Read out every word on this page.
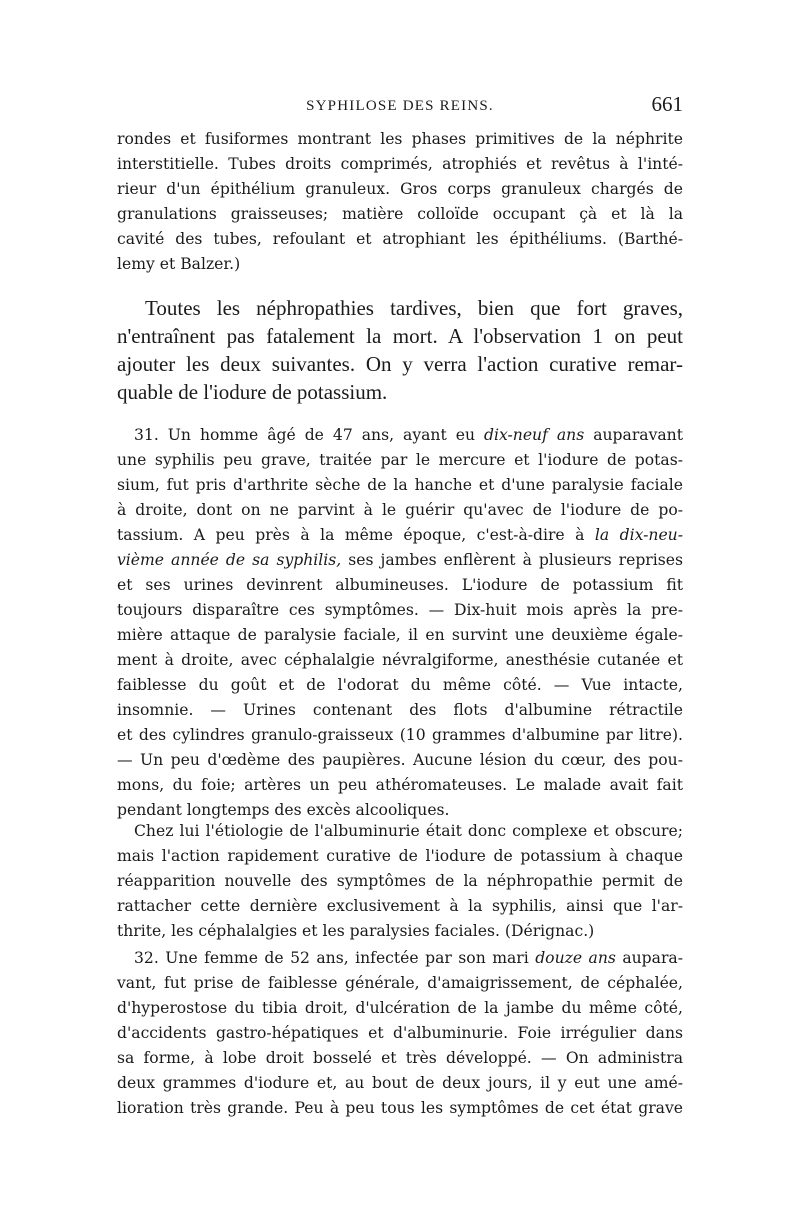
SYPHILOSE DES REINS.	661
rondes et fusiformes montrant les phases primitives de la néphrite
interstitielle. Tubes droits comprimés, atrophiés et revêtus à l'inté-
rieur d'un épithélium granuleux. Gros corps granuleux chargés de
granulations graisseuses; matière colloïde occupant çà et là la
cavité des tubes, refoulant et atrophiant les épithéliums. (Barthé-
lemy et Balzer.)
Toutes les néphropathies tardives, bien que fort graves,
n'entraînent pas fatalement la mort. A l'observation 1 on peut
ajouter les deux suivantes. On y verra l'action curative remar-
quable de l'iodure de potassium.
31. Un homme âgé de 47 ans, ayant eu dix-neuf ans auparavant
une syphilis peu grave, traitée par le mercure et l'iodure de potas-
sium, fut pris d'arthrite sèche de la hanche et d'une paralysie faciale
à droite, dont on ne parvint à le guérir qu'avec de l'iodure de po-
tassium. A peu près à la même époque, c'est-à-dire à la dix-neu-
vième année de sa syphilis, ses jambes enflèrent à plusieurs reprises
et ses urines devinrent albumineuses. L'iodure de potassium fit
toujours disparaître ces symptômes. — Dix-huit mois après la pre-
mière attaque de paralysie faciale, il en survint une deuxième égale-
ment à droite, avec céphalalgie névralgiforme, anesthésie cutanée et
faiblesse du goût et de l'odorat du même côté. — Vue intacte,
insomnie. — Urines contenant des flots d'albumine rétractile
et des cylindres granulo-graisseux (10 grammes d'albumine par litre).
— Un peu d'œdème des paupières. Aucune lésion du cœur, des pou-
mons, du foie; artères un peu athéromateuses. Le malade avait fait
pendant longtemps des excès alcooliques.
Chez lui l'étiologie de l'albuminurie était donc complexe et obscure;
mais l'action rapidement curative de l'iodure de potassium à chaque
réapparition nouvelle des symptômes de la néphropathie permit de
rattacher cette dernière exclusivement à la syphilis, ainsi que l'ar-
thrite, les céphalalgies et les paralysies faciales. (Dérignac.)
32. Une femme de 52 ans, infectée par son mari douze ans aupara-
vant, fut prise de faiblesse générale, d'amaigrissement, de céphalée,
d'hyperostose du tibia droit, d'ulcération de la jambe du même côté,
d'accidents gastro-hépatiques et d'albuminurie. Foie irrégulier dans
sa forme, à lobe droit bosselé et très développé. — On administra
deux grammes d'iodure et, au bout de deux jours, il y eut une amé-
lioration très grande. Peu à peu tous les symptômes de cet état grave
